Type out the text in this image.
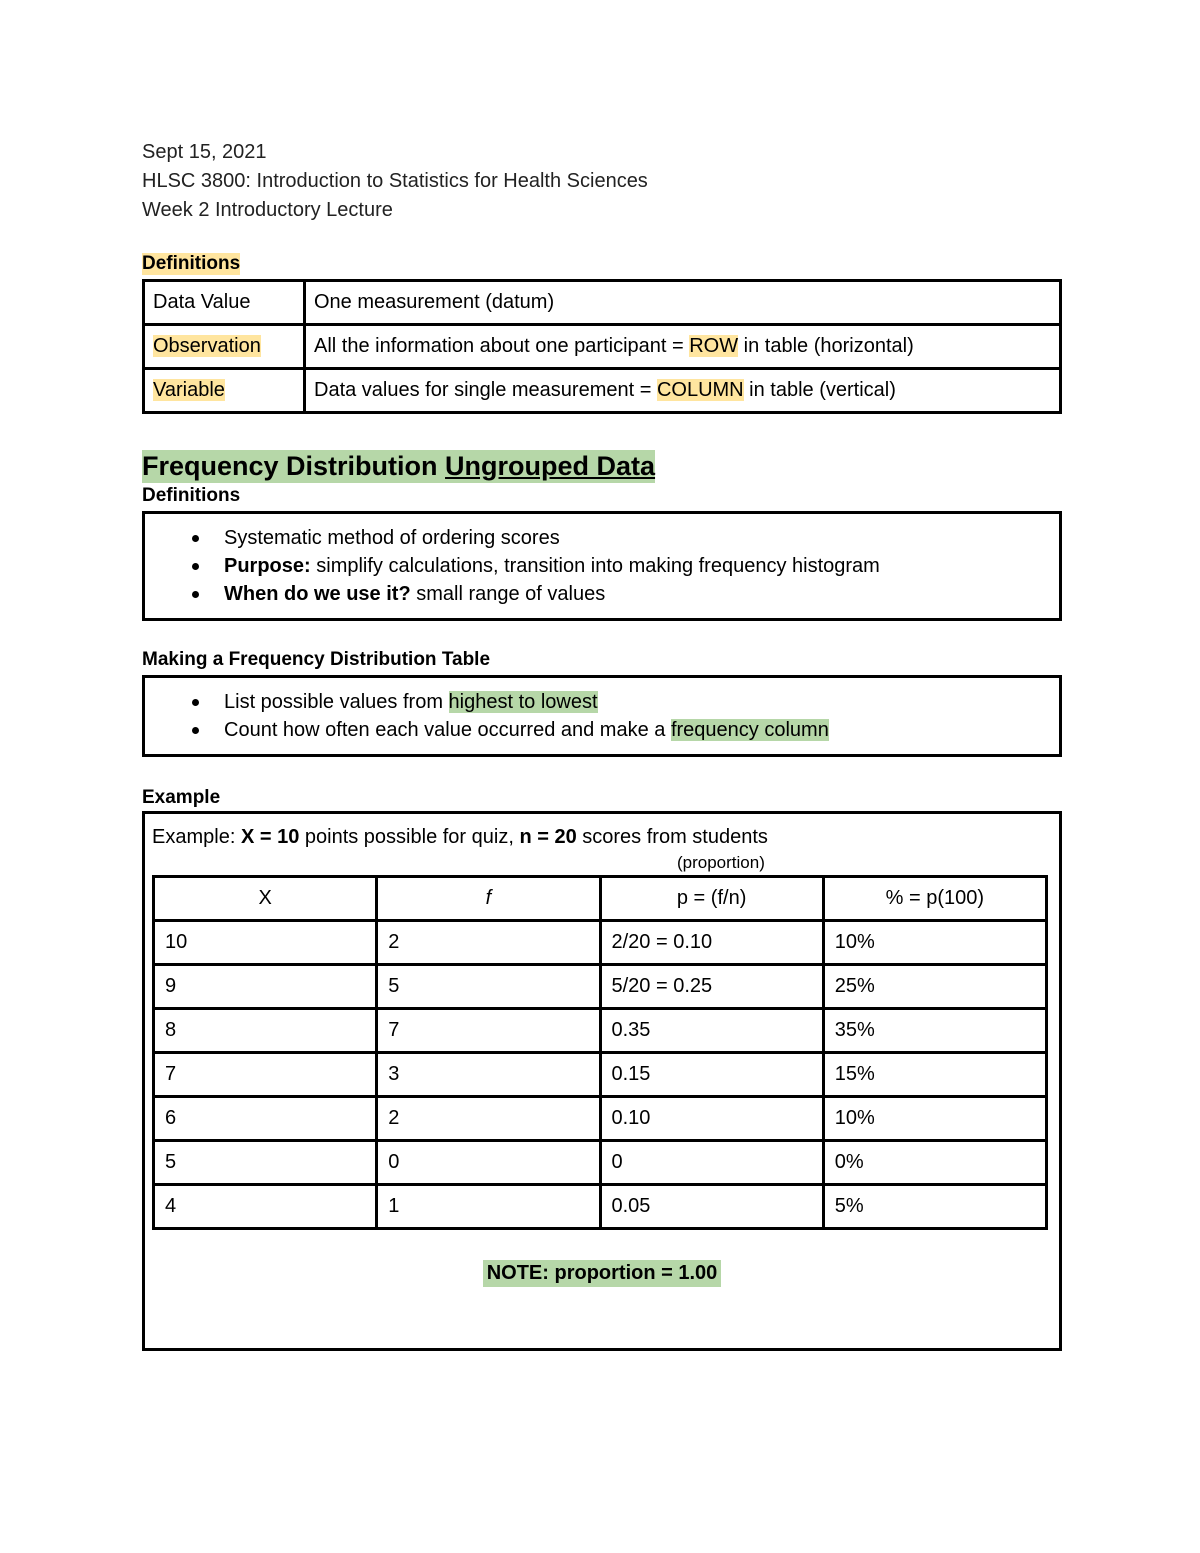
Sept 15, 2021

HLSC 3800: Introduction to Statistics for Health Sciences

Week 2 Introductory Lecture

Definitions
Data Value	One measurement (datum)
Observation	All the information about one participant = ROW in table (horizontal)
Variable	Data values for single measurement = COLUMN in table (vertical)
Frequency Distribution Ungrouped Data
Definitions
Systematic method of ordering scores
Purpose: simplify calculations, transition into making frequency histogram
When do we use it? small range of values
Making a Frequency Distribution Table
List possible values from highest to lowest
Count how often each value occurred and make a frequency column
Example
Example: X = 10 points possible for quiz, n = 20 scores from students
(proportion)
X	f	p = (f/n)	% = p(100)
10	2	2/20 = 0.10	10%
9	5	5/20 = 0.25	25%
8	7	0.35	35%
7	3	0.15	15%
6	2	0.10	10%
5	0	0	0%
4	1	0.05	5%
NOTE: proportion = 1.00
